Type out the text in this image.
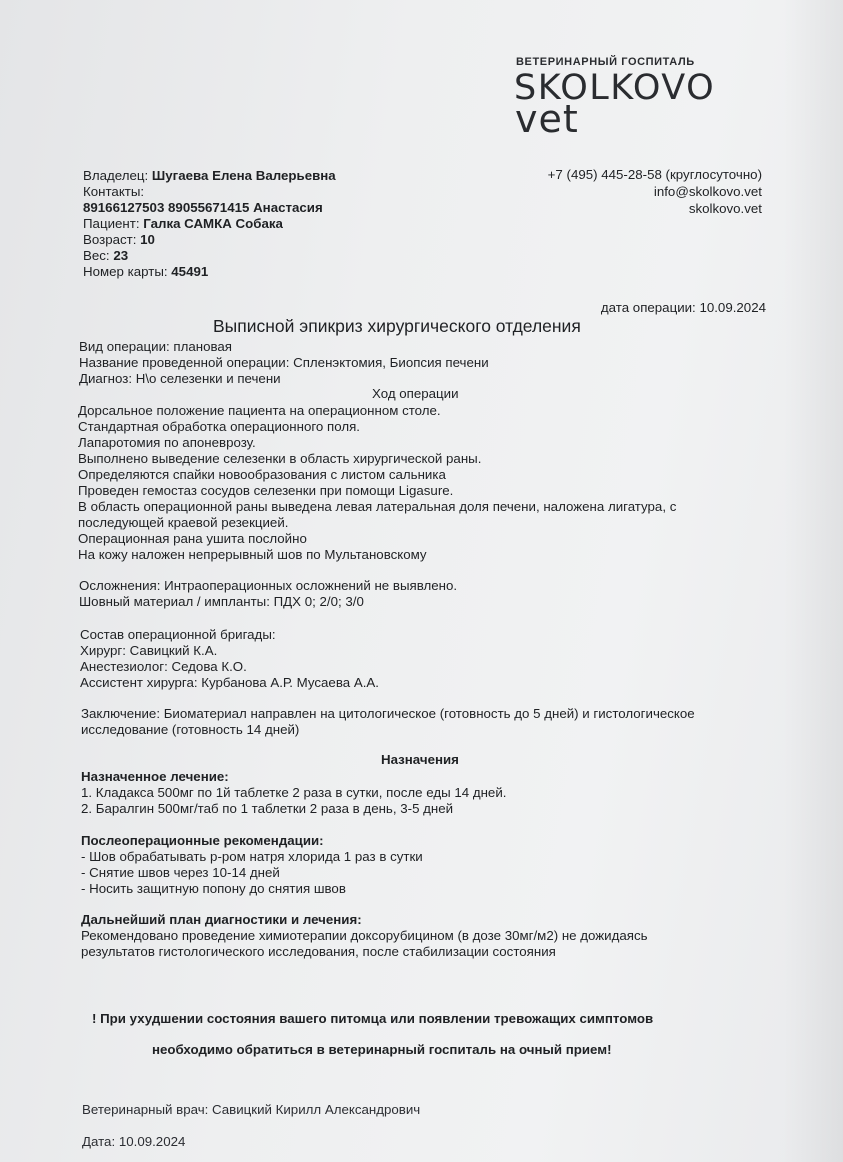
ВЕТЕРИНАРНЫЙ ГОСПИТАЛЬ
SKOLKOVO
vet
+7 (495) 445-28-58 (круглосуточно)
info@skolkovo.vet
skolkovo.vet
Владелец: Шугаева Елена Валерьевна
Контакты:
89166127503 89055671415 Анастасия
Пациент: Галка САМКА Собака
Возраст: 10
Вес: 23
Номер карты: 45491
дата операции: 10.09.2024
Выписной эпикриз хирургического отделения
Вид операции: плановая
Название проведенной операции: Спленэктомия, Биопсия печени
Диагноз: Н\о селезенки и печени
Ход операции
Дорсальное положение пациента на операционном столе.
Стандартная обработка операционного поля.
Лапаротомия по апоневрозу.
Выполнено выведение селезенки в область хирургической раны.
Определяются спайки новообразования с листом сальника
Проведен гемостаз сосудов селезенки при помощи Ligasure.
В область операционной раны выведена левая латеральная доля печени, наложена лигатура, с
последующей краевой резекцией.
Операционная рана ушита послойно
На кожу наложен непрерывный шов по Мультановскому
Осложнения: Интраоперационных осложнений не выявлено.
Шовный материал / импланты: ПДХ 0; 2/0; 3/0
Состав операционной бригады:
Хирург: Савицкий К.А.
Анестезиолог: Седова К.О.
Ассистент хирурга: Курбанова А.Р. Мусаева А.А.
Заключение: Биоматериал направлен на цитологическое (готовность до 5 дней) и гистологическое
исследование (готовность 14 дней)
Назначения
Назначенное лечение:
1. Кладакса 500мг по 1й таблетке 2 раза в сутки, после еды 14 дней.
2. Баралгин 500мг/таб по 1 таблетки 2 раза в день, 3-5 дней
Послеоперационные рекомендации:
- Шов обрабатывать р-ром натря хлорида 1 раз в сутки
- Снятие швов через 10-14 дней
- Носить защитную попону до снятия швов
Дальнейший план диагностики и лечения:
Рекомендовано проведение химиотерапии доксорубицином (в дозе 30мг/м2) не дожидаясь
результатов гистологического исследования, после стабилизации состояния
! При ухудшении состояния вашего питомца или появлении тревожащих симптомов
необходимо обратиться в ветеринарный госпиталь на очный прием!
Ветеринарный врач: Савицкий Кирилл Александрович
Дата: 10.09.2024
